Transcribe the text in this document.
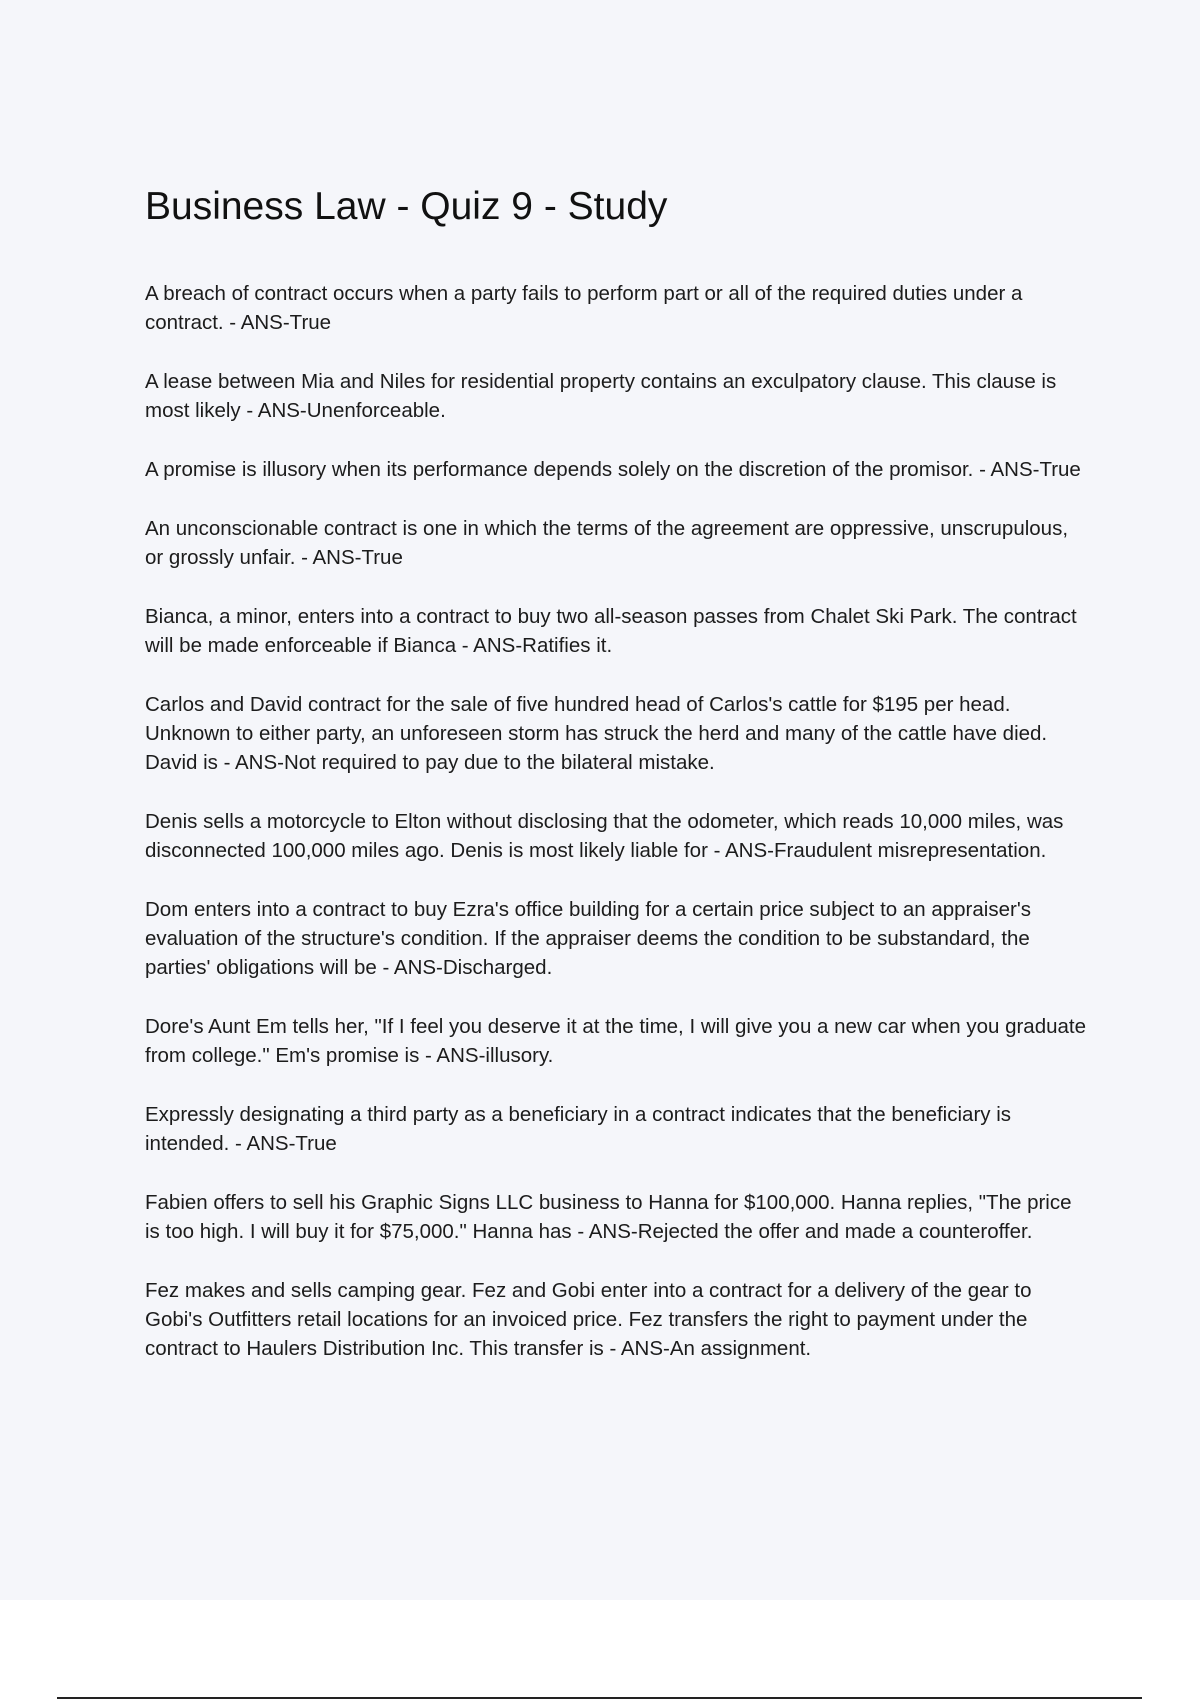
Business Law - Quiz 9 - Study
A breach of contract occurs when a party fails to perform part or all of the required duties under a contract. - ANS-True
A lease between Mia and Niles for residential property contains an exculpatory clause. This clause is most likely - ANS-Unenforceable.
A promise is illusory when its performance depends solely on the discretion of the promisor. - ANS-True
An unconscionable contract is one in which the terms of the agreement are oppressive, unscrupulous, or grossly unfair. - ANS-True
Bianca, a minor, enters into a contract to buy two all-season passes from Chalet Ski Park. The contract will be made enforceable if Bianca - ANS-Ratifies it.
Carlos and David contract for the sale of five hundred head of Carlos's cattle for $195 per head. Unknown to either party, an unforeseen storm has struck the herd and many of the cattle have died. David is - ANS-Not required to pay due to the bilateral mistake.
Denis sells a motorcycle to Elton without disclosing that the odometer, which reads 10,000 miles, was disconnected 100,000 miles ago. Denis is most likely liable for - ANS-Fraudulent misrepresentation.
Dom enters into a contract to buy Ezra's office building for a certain price subject to an appraiser's evaluation of the structure's condition. If the appraiser deems the condition to be substandard, the parties' obligations will be - ANS-Discharged.
Dore's Aunt Em tells her, "If I feel you deserve it at the time, I will give you a new car when you graduate from college." Em's promise is - ANS-illusory.
Expressly designating a third party as a beneficiary in a contract indicates that the beneficiary is intended. - ANS-True
Fabien offers to sell his Graphic Signs LLC business to Hanna for $100,000. Hanna replies, "The price is too high. I will buy it for $75,000." Hanna has - ANS-Rejected the offer and made a counteroffer.
Fez makes and sells camping gear. Fez and Gobi enter into a contract for a delivery of the gear to Gobi's Outfitters retail locations for an invoiced price. Fez transfers the right to payment under the contract to Haulers Distribution Inc. This transfer is - ANS-An assignment.
